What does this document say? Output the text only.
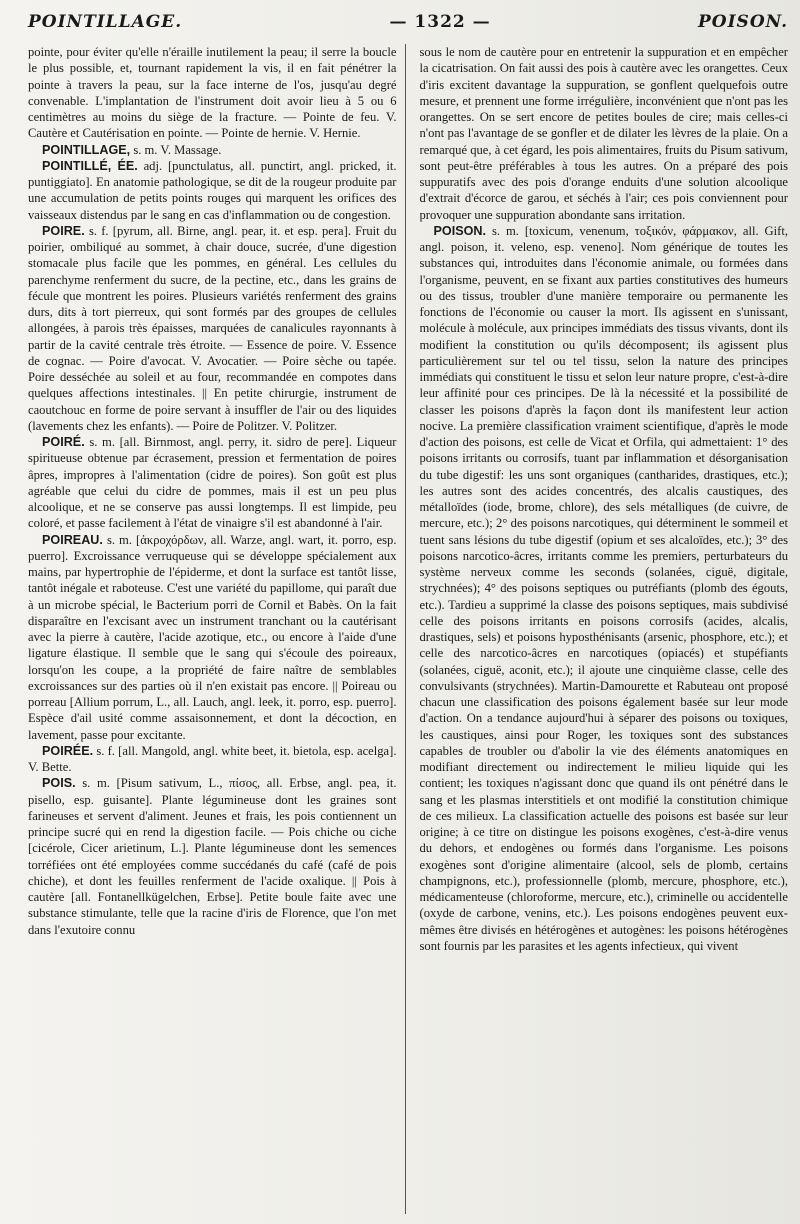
POINTILLAGE.	— 1322 —	POISON.

pointe, pour éviter qu'elle n'éraille inutilement la peau; il serre la boucle le plus possible, et, tournant rapidement la vis, il en fait pénétrer la pointe à travers la peau, sur la face interne de l'os, jusqu'au degré convenable. L'implantation de l'instrument doit avoir lieu à 5 ou 6 centimètres au moins du siège de la fracture. — Pointe de feu. V. Cautère et Cautérisation en pointe. — Pointe de hernie. V. Hernie.

POINTILLAGE, s. m. V. Massage.

POINTILLÉ, ÉE. adj. [punctulatus, all. punctirt, angl. pricked, it. puntiggiato]. En anatomie pathologique, se dit de la rougeur produite par une accumulation de petits points rouges qui marquent les orifices des vaisseaux distendus par le sang en cas d'inflammation ou de congestion.

POIRE. s. f. [pyrum, all. Birne, angl. pear, it. et esp. pera]. Fruit du poirier, ombiliqué au sommet, à chair douce, sucrée, d'une digestion stomacale plus facile que les pommes, en général. Les cellules du parenchyme renferment du sucre, de la pectine, etc., dans les grains de fécule que montrent les poires. Plusieurs variétés renferment des grains durs, dits à tort pierreux, qui sont formés par des groupes de cellules allongées, à parois très épaisses, marquées de canalicules rayonnants à partir de la cavité centrale très étroite. — Essence de poire. V. Essence de cognac. — Poire d'avocat. V. Avocatier. — Poire sèche ou tapée. Poire desséchée au soleil et au four, recommandée en compotes dans quelques affections intestinales. || En petite chirurgie, instrument de caoutchouc en forme de poire servant à insuffler de l'air ou des liquides (lavements chez les enfants). — Poire de Politzer. V. Politzer.

POIRÉ. s. m. [all. Birnmost, angl. perry, it. sidro de pere]. Liqueur spiritueuse obtenue par écrasement, pression et fermentation de poires âpres, impropres à l'alimentation (cidre de poires). Son goût est plus agréable que celui du cidre de pommes, mais il est un peu plus alcoolique, et ne se conserve pas aussi longtemps. Il est limpide, peu coloré, et passe facilement à l'état de vinaigre s'il est abandonné à l'air.

POIREAU. s. m. [ἀκροχόρδων, all. Warze, angl. wart, it. porro, esp. puerro]. Excroissance verruqueuse qui se développe spécialement aux mains, par hypertrophie de l'épiderme, et dont la surface est tantôt lisse, tantôt inégale et raboteuse. C'est une variété du papillome, qui paraît due à un microbe spécial, le Bacterium porri de Cornil et Babès. On la fait disparaître en l'excisant avec un instrument tranchant ou la cautérisant avec la pierre à cautère, l'acide azotique, etc., ou encore à l'aide d'une ligature élastique. Il semble que le sang qui s'écoule des poireaux, lorsqu'on les coupe, a la propriété de faire naître de semblables excroissances sur des parties où il n'en existait pas encore. || Poireau ou porreau [Allium porrum, L., all. Lauch, angl. leek, it. porro, esp. puerro]. Espèce d'ail usité comme assaisonnement, et dont la décoction, en lavement, passe pour excitante.

POIRÉE. s. f. [all. Mangold, angl. white beet, it. bietola, esp. acelga]. V. Bette.

POIS. s. m. [Pisum sativum, L., πίσος, all. Erbse, angl. pea, it. pisello, esp. guisante]. Plante légumineuse dont les graines sont farineuses et servent d'aliment. Jeunes et frais, les pois contiennent un principe sucré qui en rend la digestion facile. — Pois chiche ou ciche [cicérole, Cicer arietinum, L.]. Plante légumineuse dont les semences torréfiées ont été employées comme succédanés du café (café de pois chiche), et dont les feuilles renferment de l'acide oxalique. || Pois à cautère [all. Fontanellkügelchen, Erbse]. Petite boule faite avec une substance stimulante, telle que la racine d'iris de Florence, que l'on met dans l'exutoire connu

sous le nom de cautère pour en entretenir la suppuration et en empêcher la cicatrisation. On fait aussi des pois à cautère avec les orangettes. Ceux d'iris excitent davantage la suppuration, se gonflent quelquefois outre mesure, et prennent une forme irrégulière, inconvénient que n'ont pas les orangettes. On se sert encore de petites boules de cire; mais celles-ci n'ont pas l'avantage de se gonfler et de dilater les lèvres de la plaie. On a remarqué que, à cet égard, les pois alimentaires, fruits du Pisum sativum, sont peut-être préférables à tous les autres. On a préparé des pois suppuratifs avec des pois d'orange enduits d'une solution alcoolique d'extrait d'écorce de garou, et séchés à l'air; ces pois conviennent pour provoquer une suppuration abondante sans irritation.

POISON. s. m. [toxicum, venenum, τοξικόν, φάρμακον, all. Gift, angl. poison, it. veleno, esp. veneno]. Nom générique de toutes les substances qui, introduites dans l'économie animale, ou formées dans l'organisme, peuvent, en se fixant aux parties constitutives des humeurs ou des tissus, troubler d'une manière temporaire ou permanente les fonctions de l'économie ou causer la mort. Ils agissent en s'unissant, molécule à molécule, aux principes immédiats des tissus vivants, dont ils modifient la constitution ou qu'ils décomposent; ils agissent plus particulièrement sur tel ou tel tissu, selon la nature des principes immédiats qui constituent le tissu et selon leur nature propre, c'est-à-dire leur affinité pour ces principes. De là la nécessité et la possibilité de classer les poisons d'après la façon dont ils manifestent leur action nocive. La première classification vraiment scientifique, d'après le mode d'action des poisons, est celle de Vicat et Orfila, qui admettaient: 1° des poisons irritants ou corrosifs, tuant par inflammation et désorganisation du tube digestif: les uns sont organiques (cantharides, drastiques, etc.); les autres sont des acides concentrés, des alcalis caustiques, des métalloïdes (iode, brome, chlore), des sels métalliques (de cuivre, de mercure, etc.); 2° des poisons narcotiques, qui déterminent le sommeil et tuent sans lésions du tube digestif (opium et ses alcaloïdes, etc.); 3° des poisons narcotico-âcres, irritants comme les premiers, perturbateurs du système nerveux comme les seconds (solanées, ciguë, digitale, strychnées); 4° des poisons septiques ou putréfiants (plomb des égouts, etc.). Tardieu a supprimé la classe des poisons septiques, mais subdivisé celle des poisons irritants en poisons corrosifs (acides, alcalis, drastiques, sels) et poisons hyposthénisants (arsenic, phosphore, etc.); et celle des narcotico-âcres en narcotiques (opiacés) et stupéfiants (solanées, ciguë, aconit, etc.); il ajoute une cinquième classe, celle des convulsivants (strychnées). Martin-Damourette et Rabuteau ont proposé chacun une classification des poisons également basée sur leur mode d'action. On a tendance aujourd'hui à séparer des poisons ou toxiques, les caustiques, ainsi pour Roger, les toxiques sont des substances capables de troubler ou d'abolir la vie des éléments anatomiques en modifiant directement ou indirectement le milieu liquide qui les contient; les toxiques n'agissant donc que quand ils ont pénétré dans le sang et les plasmas interstitiels et ont modifié la constitution chimique de ces milieux. La classification actuelle des poisons est basée sur leur origine; à ce titre on distingue les poisons exogènes, c'est-à-dire venus du dehors, et endogènes ou formés dans l'organisme. Les poisons exogènes sont d'origine alimentaire (alcool, sels de plomb, certains champignons, etc.), professionnelle (plomb, mercure, phosphore, etc.), médicamenteuse (chloroforme, mercure, etc.), criminelle ou accidentelle (oxyde de carbone, venins, etc.). Les poisons endogènes peuvent eux-mêmes être divisés en hétérogènes et autogènes: les poisons hétérogènes sont fournis par les parasites et les agents infectieux, qui vivent
